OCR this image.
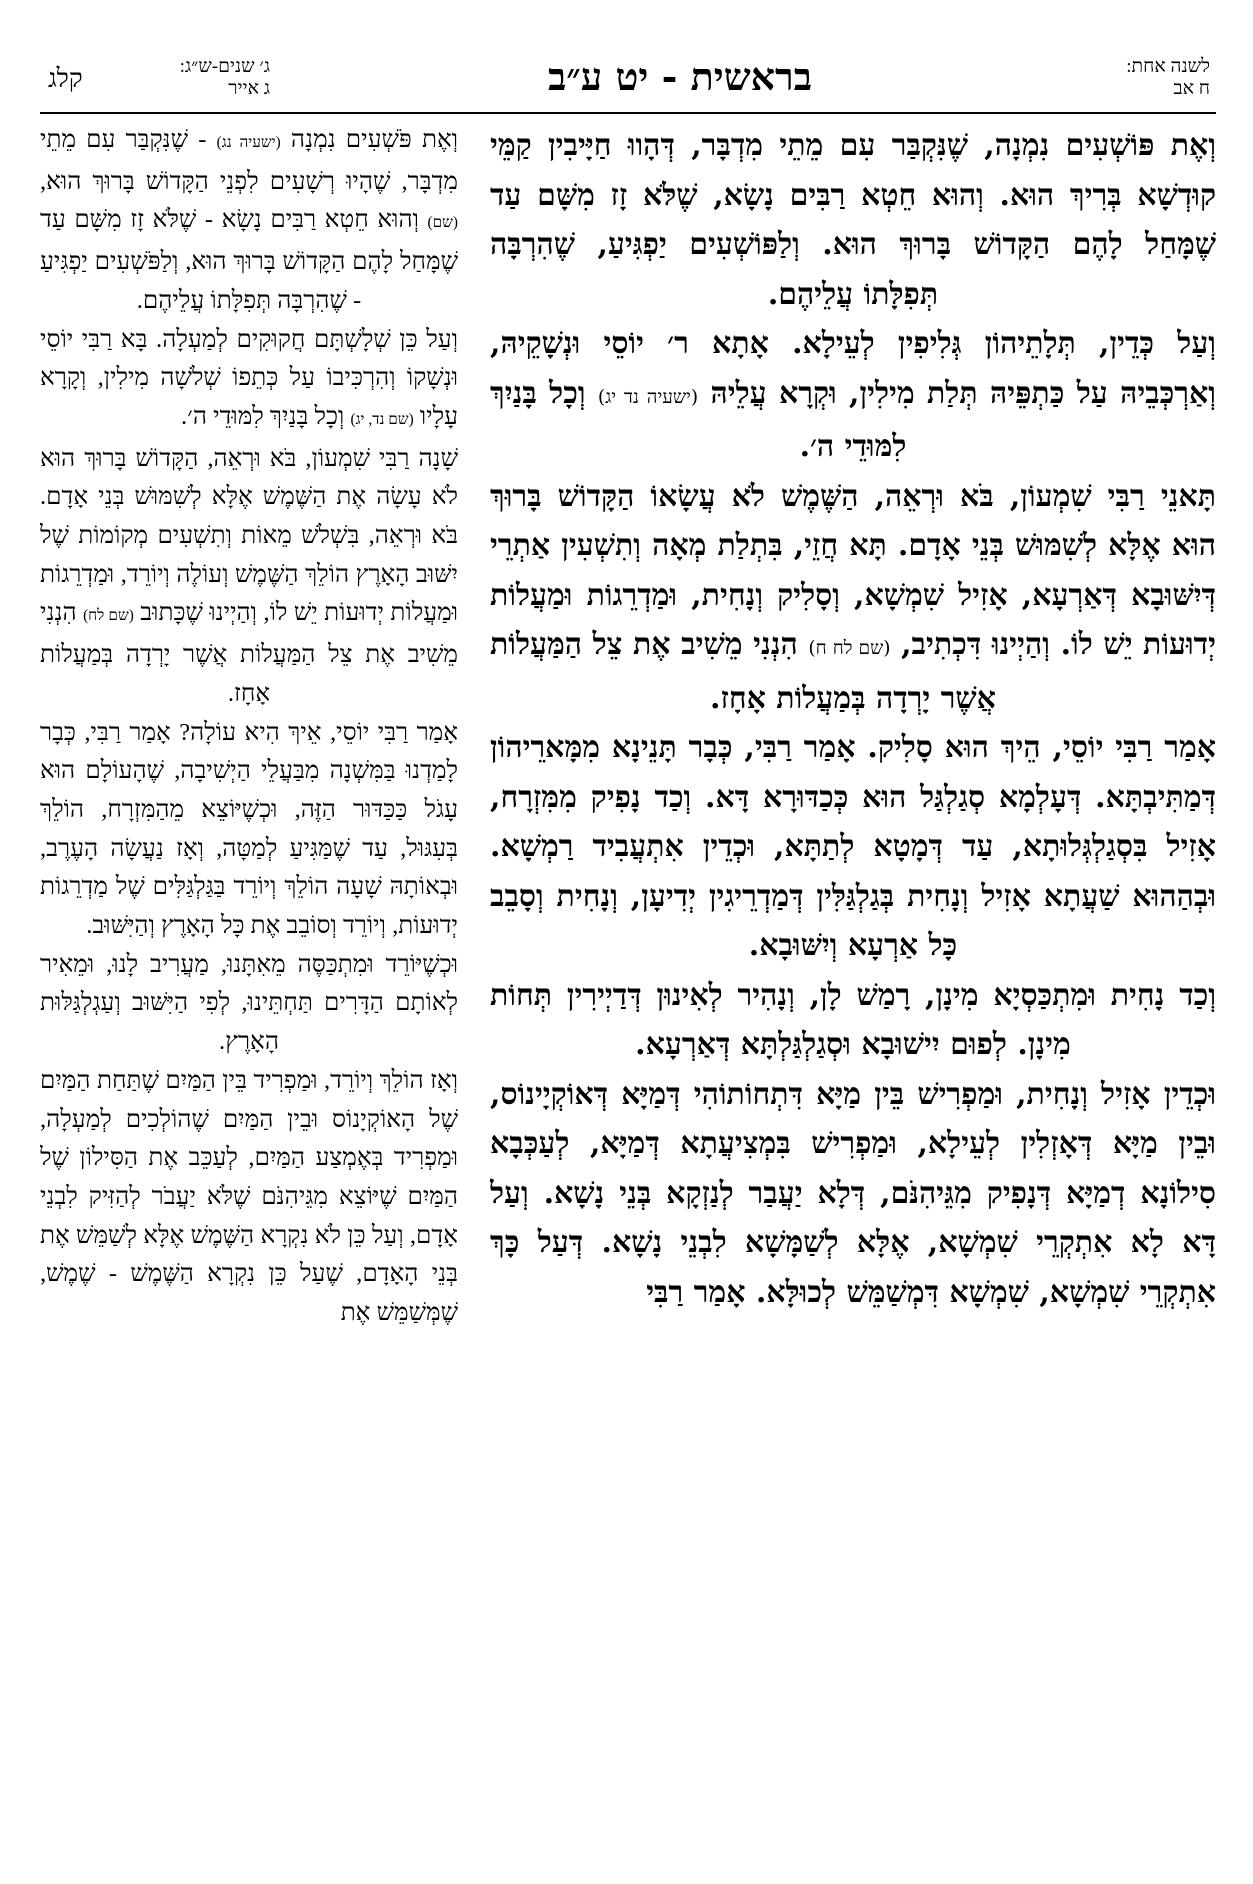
קלג	ג׳ שנים-ש״ג:
ג אייר	בראשית - יט ע״ב	לשנה אחת:
ח אב

וְאֶת פּוֹשְׁעִים נִמְנָה, שֶׁנִּקְבַּר עִם מֵתֵי מִדְבָּר, דְּהָווּ חַיָּיבִין קַמֵּי קוּדְשָׁא בְּרִיךְ הוּא. וְהוּא חֵטְא רַבִּים נָשָׂא, שֶׁלֹּא זָז מִשָּׁם עַד שֶׁמָּחַל לָהֶם הַקָּדוֹשׁ בָּרוּךְ הוּא. וְלַפּוֹשְׁעִים יַפְגִּיעַ, שֶׁהִרְבָּה תְּפִלָּתוֹ עֲלֵיהֶם.

וְעַל כְּדֵין, תְּלָתֵיהוֹן גְּלִיפִין לְעֵילָא. אָתָא ר׳ יוֹסֵי וּנְשָׁקֵיהּ, וְאַרְכְּבֵיהּ עַל כַּתְפֵּיהּ תְּלַת מִילִין, וּקְרָא עֲלֵיהּ (ישעיה נד יג) וְכָל בָּנַיִךְ לִמּוּדֵי ה׳.

תָּאנֵי רַבִּי שִׁמְעוֹן, בֹּא וּרְאֵה, הַשֶּׁמֶשׁ לֹא עֲשָׂאוֹ הַקָּדוֹשׁ בָּרוּךְ הוּא אֶלָּא לְשִׁמּוּשׁ בְּנֵי אָדָם. תָּא חֲזֵי, בִּתְלַת מְאָה וְתִשְׁעִין אַתְרֵי דְּיִשּׁוּבָא דְּאַרְעָא, אָזִיל שִׁמְשָׁא, וְסָלִיק וְנָחִית, וּמַדְרֵגוֹת וּמַעֲלוֹת יְדוּעוֹת יֵשׁ לוֹ. וְהַיְינוּ דִּכְתִיב, (שם לח ח) הִנְנִי מֵשִׁיב אֶת צֵל הַמַּעֲלוֹת אֲשֶׁר יָרְדָה בְּמַעֲלוֹת אָחָז.

אָמַר רַבִּי יוֹסֵי, הֵיךְ הוּא סָלִיק. אָמַר רַבִּי, כְּבָר תָּנֵינָא מִמָּארֵיהוֹן דְּמַתִּיבְתָּא. דְּעָלְמָא סְגַלְגַּל הוּא כְּכַדּוּרָא דָּא. וְכַד נָפִיק מִמִּזְרָח, אָזִיל בִּסְגַלְגְּלוּתָא, עַד דְּמָטָא לְתַתָּא, וּכְדֵין אִתְעֲבִיד רַמְשָׁא. וּבְהַהוּא שַׁעֲתָא אָזִיל וְנָחִית בְּגַלְגַּלִּין דְּמַדְרֵיגִין יְדִיעָן, וְנָחִית וְסָבֵב כָּל אַרְעָא וְיִשּׁוּבָא.

וְכַד נָחִית וּמִתְכַּסְיָא מִינָן, רָמַשׁ לָן, וְנָהִיר לְאִינוּן דְּדַיְירִין תְּחוֹת מִינָן. לְפוּם יִישׁוּבָא וּסְגַלְגַּלְתָּא דְּאַרְעָא.

וּכְדֵין אָזִיל וְנָחִית, וּמַפְרִישׁ בֵּין מַיָּא דִּתְחוֹתוֹהִי דְּמַיָּא דְּאוֹקְיָינוֹס, וּבֵין מַיָּא דְּאָזְלִין לְעֵילָא, וּמַפְרִישׁ בִּמְצִיעֲתָא דְּמַיָּא, לְעַכְּבָא סִילוֹנָא דְמַיָּא דְּנָפִיק מִגֵּיהִנֹּם, דְּלָא יַעֲבַר לְנַזְקָא בְּנֵי נָשָׁא. וְעַל דָּא לָא אִתְקְרֵי שִׁמְשָׁא, אֶלָּא לְשַׁמָּשָׁא לִבְנֵי נָשָׁא. דְּעַל כָּךְ אִתְקְרֵי שִׁמְשָׁא, שִׁמְשָׁא דִּמְשַׁמֵּשׁ לְכוּלָּא. אָמַר רַבִּי

וְאֶת פֹּשְׁעִים נִמְנָה (ישעיה נג) - שֶׁנִּקְבַּר עִם מֵתֵי מִדְבָּר, שֶׁהָיוּ רְשָׁעִים לִפְנֵי הַקָּדוֹשׁ בָּרוּךְ הוּא, (שם) וְהוּא חֵטְא רַבִּים נָשָׂא - שֶׁלֹּא זָז מִשָּׁם עַד שֶׁמָּחַל לָהֶם הַקָּדוֹשׁ בָּרוּךְ הוּא, וְלַפֹּשְׁעִים יַפְגִּיעַ - שֶׁהִרְבָּה תְּפִלָּתוֹ עֲלֵיהֶם.

וְעַל כֵּן שְׁלָשְׁתָּם חֲקוּקִים לְמַעְלָה. בָּא רַבִּי יוֹסֵי וּנְשָׁקוֹ וְהִרְכִּיבוֹ עַל כְּתֵפוֹ שְׁלֹשָׁה מִילִין, וְקָרָא עָלָיו (שם נד, יג) וְכָל בָּנַיִךְ לִמּוּדֵי ה׳.

שָׁנָה רַבִּי שִׁמְעוֹן, בֹּא וּרְאֵה, הַקָּדוֹשׁ בָּרוּךְ הוּא לֹא עָשָׂה אֶת הַשֶּׁמֶשׁ אֶלָּא לְשִׁמּוּשׁ בְּנֵי אָדָם. בֹּא וּרְאֵה, בִּשְׁלֹשׁ מֵאוֹת וְתִשְׁעִים מְקוֹמוֹת שֶׁל יִשּׁוּב הָאָרֶץ הוֹלֵךְ הַשֶּׁמֶשׁ וְעוֹלֶה וְיוֹרֵד, וּמַדְרֵגוֹת וּמַעֲלוֹת יְדוּעוֹת יֵשׁ לוֹ, וְהַיְינוּ שֶׁכָּתוּב (שם לח) הִנְנִי מֵשִׁיב אֶת צֵל הַמַּעֲלוֹת אֲשֶׁר יָרְדָה בְּמַעֲלוֹת אָחָז.

אָמַר רַבִּי יוֹסֵי, אֵיךְ הִיא עוֹלָה? אָמַר רַבִּי, כְּבָר לָמַדְנוּ בַּמִּשְׁנָה מִבַּעֲלֵי הַיְשִׁיבָה, שֶׁהָעוֹלָם הוּא עָגֹל כַּכַּדּוּר הַזֶּה, וּכְשֶׁיּוֹצֵא מֵהַמִּזְרָח, הוֹלֵךְ בְּעִגּוּל, עַד שֶׁמַּגִּיעַ לְמַטָּה, וְאָז נַעֲשָׂה הָעֶרֶב, וּבְאוֹתָהּ שָׁעָה הוֹלֵךְ וְיוֹרֵד בַּגַּלְגַּלִּים שֶׁל מַדְרֵגוֹת יְדוּעוֹת, וְיוֹרֵד וְסוֹבֵב אֶת כָּל הָאָרֶץ וְהַיִּשּׁוּב.

וּכְשֶׁיּוֹרֵד וּמִתְכַּסֶּה מֵאִתָּנוּ, מַעֲרִיב לָנוּ, וּמֵאִיר לְאוֹתָם הַדָּרִים תַּחְתֵּינוּ, לְפִי הַיִּשּׁוּב וְעַגְלְגַּלּוּת הָאָרֶץ.

וְאָז הוֹלֵךְ וְיוֹרֵד, וּמַפְרִיד בֵּין הַמַּיִם שֶׁתַּחַת הַמַּיִם שֶׁל הָאוֹקְיָנוֹס וּבֵין הַמַּיִם שֶׁהוֹלְכִים לְמַעְלָה, וּמַפְרִיד בְּאֶמְצַע הַמַּיִם, לְעַכֵּב אֶת הַסִּילוֹן שֶׁל הַמַּיִם שֶׁיּוֹצֵא מִגֵּיהִנֹּם שֶׁלֹּא יַעֲבֹר לְהַזִּיק לִבְנֵי אָדָם, וְעַל כֵּן לֹא נִקְרָא הַשֶּׁמֶשׁ אֶלָּא לְשַׁמֵּשׁ אֶת בְּנֵי הָאָדָם, שֶׁעַל כֵּן נִקְרָא הַשֶּׁמֶשׁ - שֶׁמֶשׁ, שֶׁמְּשַׁמֵּשׁ אֶת
